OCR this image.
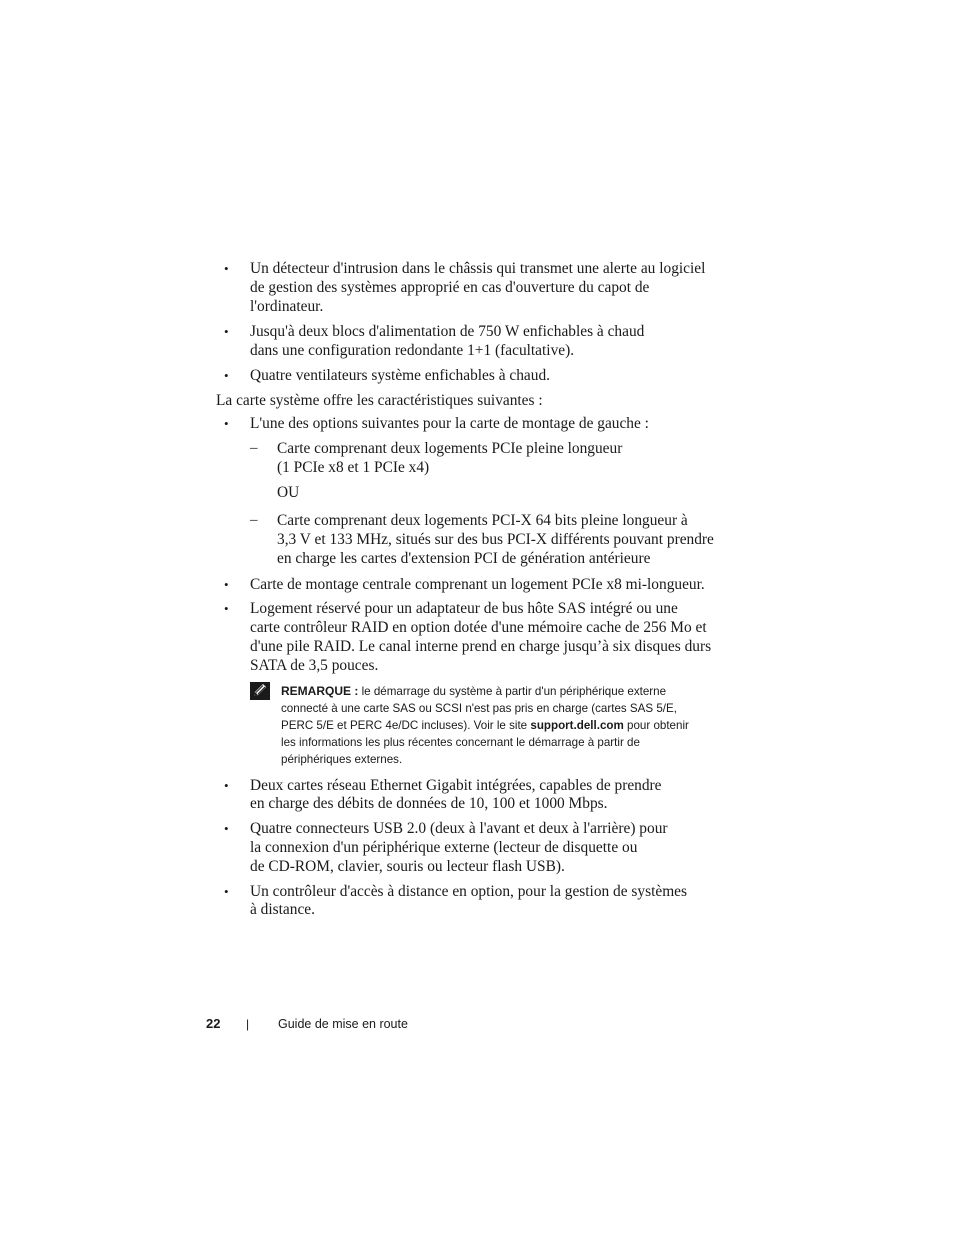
• Un détecteur d'intrusion dans le châssis qui transmet une alerte au logiciel
de gestion des systèmes approprié en cas d'ouverture du capot de
l'ordinateur.
• Jusqu'à deux blocs d'alimentation de 750 W enfichables à chaud
dans une configuration redondante 1+1 (facultative).
• Quatre ventilateurs système enfichables à chaud.
La carte système offre les caractéristiques suivantes :
• L'une des options suivantes pour la carte de montage de gauche :
– Carte comprenant deux logements PCIe pleine longueur
(1 PCIe x8 et 1 PCIe x4)
OU
– Carte comprenant deux logements PCI-X 64 bits pleine longueur à
3,3 V et 133 MHz, situés sur des bus PCI-X différents pouvant prendre
en charge les cartes d'extension PCI de génération antérieure
• Carte de montage centrale comprenant un logement PCIe x8 mi-longueur.
• Logement réservé pour un adaptateur de bus hôte SAS intégré ou une
carte contrôleur RAID en option dotée d'une mémoire cache de 256 Mo et
d'une pile RAID. Le canal interne prend en charge jusqu’à six disques durs
SATA de 3,5 pouces.
REMARQUE : le démarrage du système à partir d'un périphérique externe
connecté à une carte SAS ou SCSI n'est pas pris en charge (cartes SAS 5/E,
PERC 5/E et PERC 4e/DC incluses). Voir le site support.dell.com pour obtenir
les informations les plus récentes concernant le démarrage à partir de
périphériques externes.
• Deux cartes réseau Ethernet Gigabit intégrées, capables de prendre
en charge des débits de données de 10, 100 et 1000 Mbps.
• Quatre connecteurs USB 2.0 (deux à l'avant et deux à l'arrière) pour
la connexion d'un périphérique externe (lecteur de disquette ou
de CD-ROM, clavier, souris ou lecteur flash USB).
• Un contrôleur d'accès à distance en option, pour la gestion de systèmes
à distance.
22 | Guide de mise en route
